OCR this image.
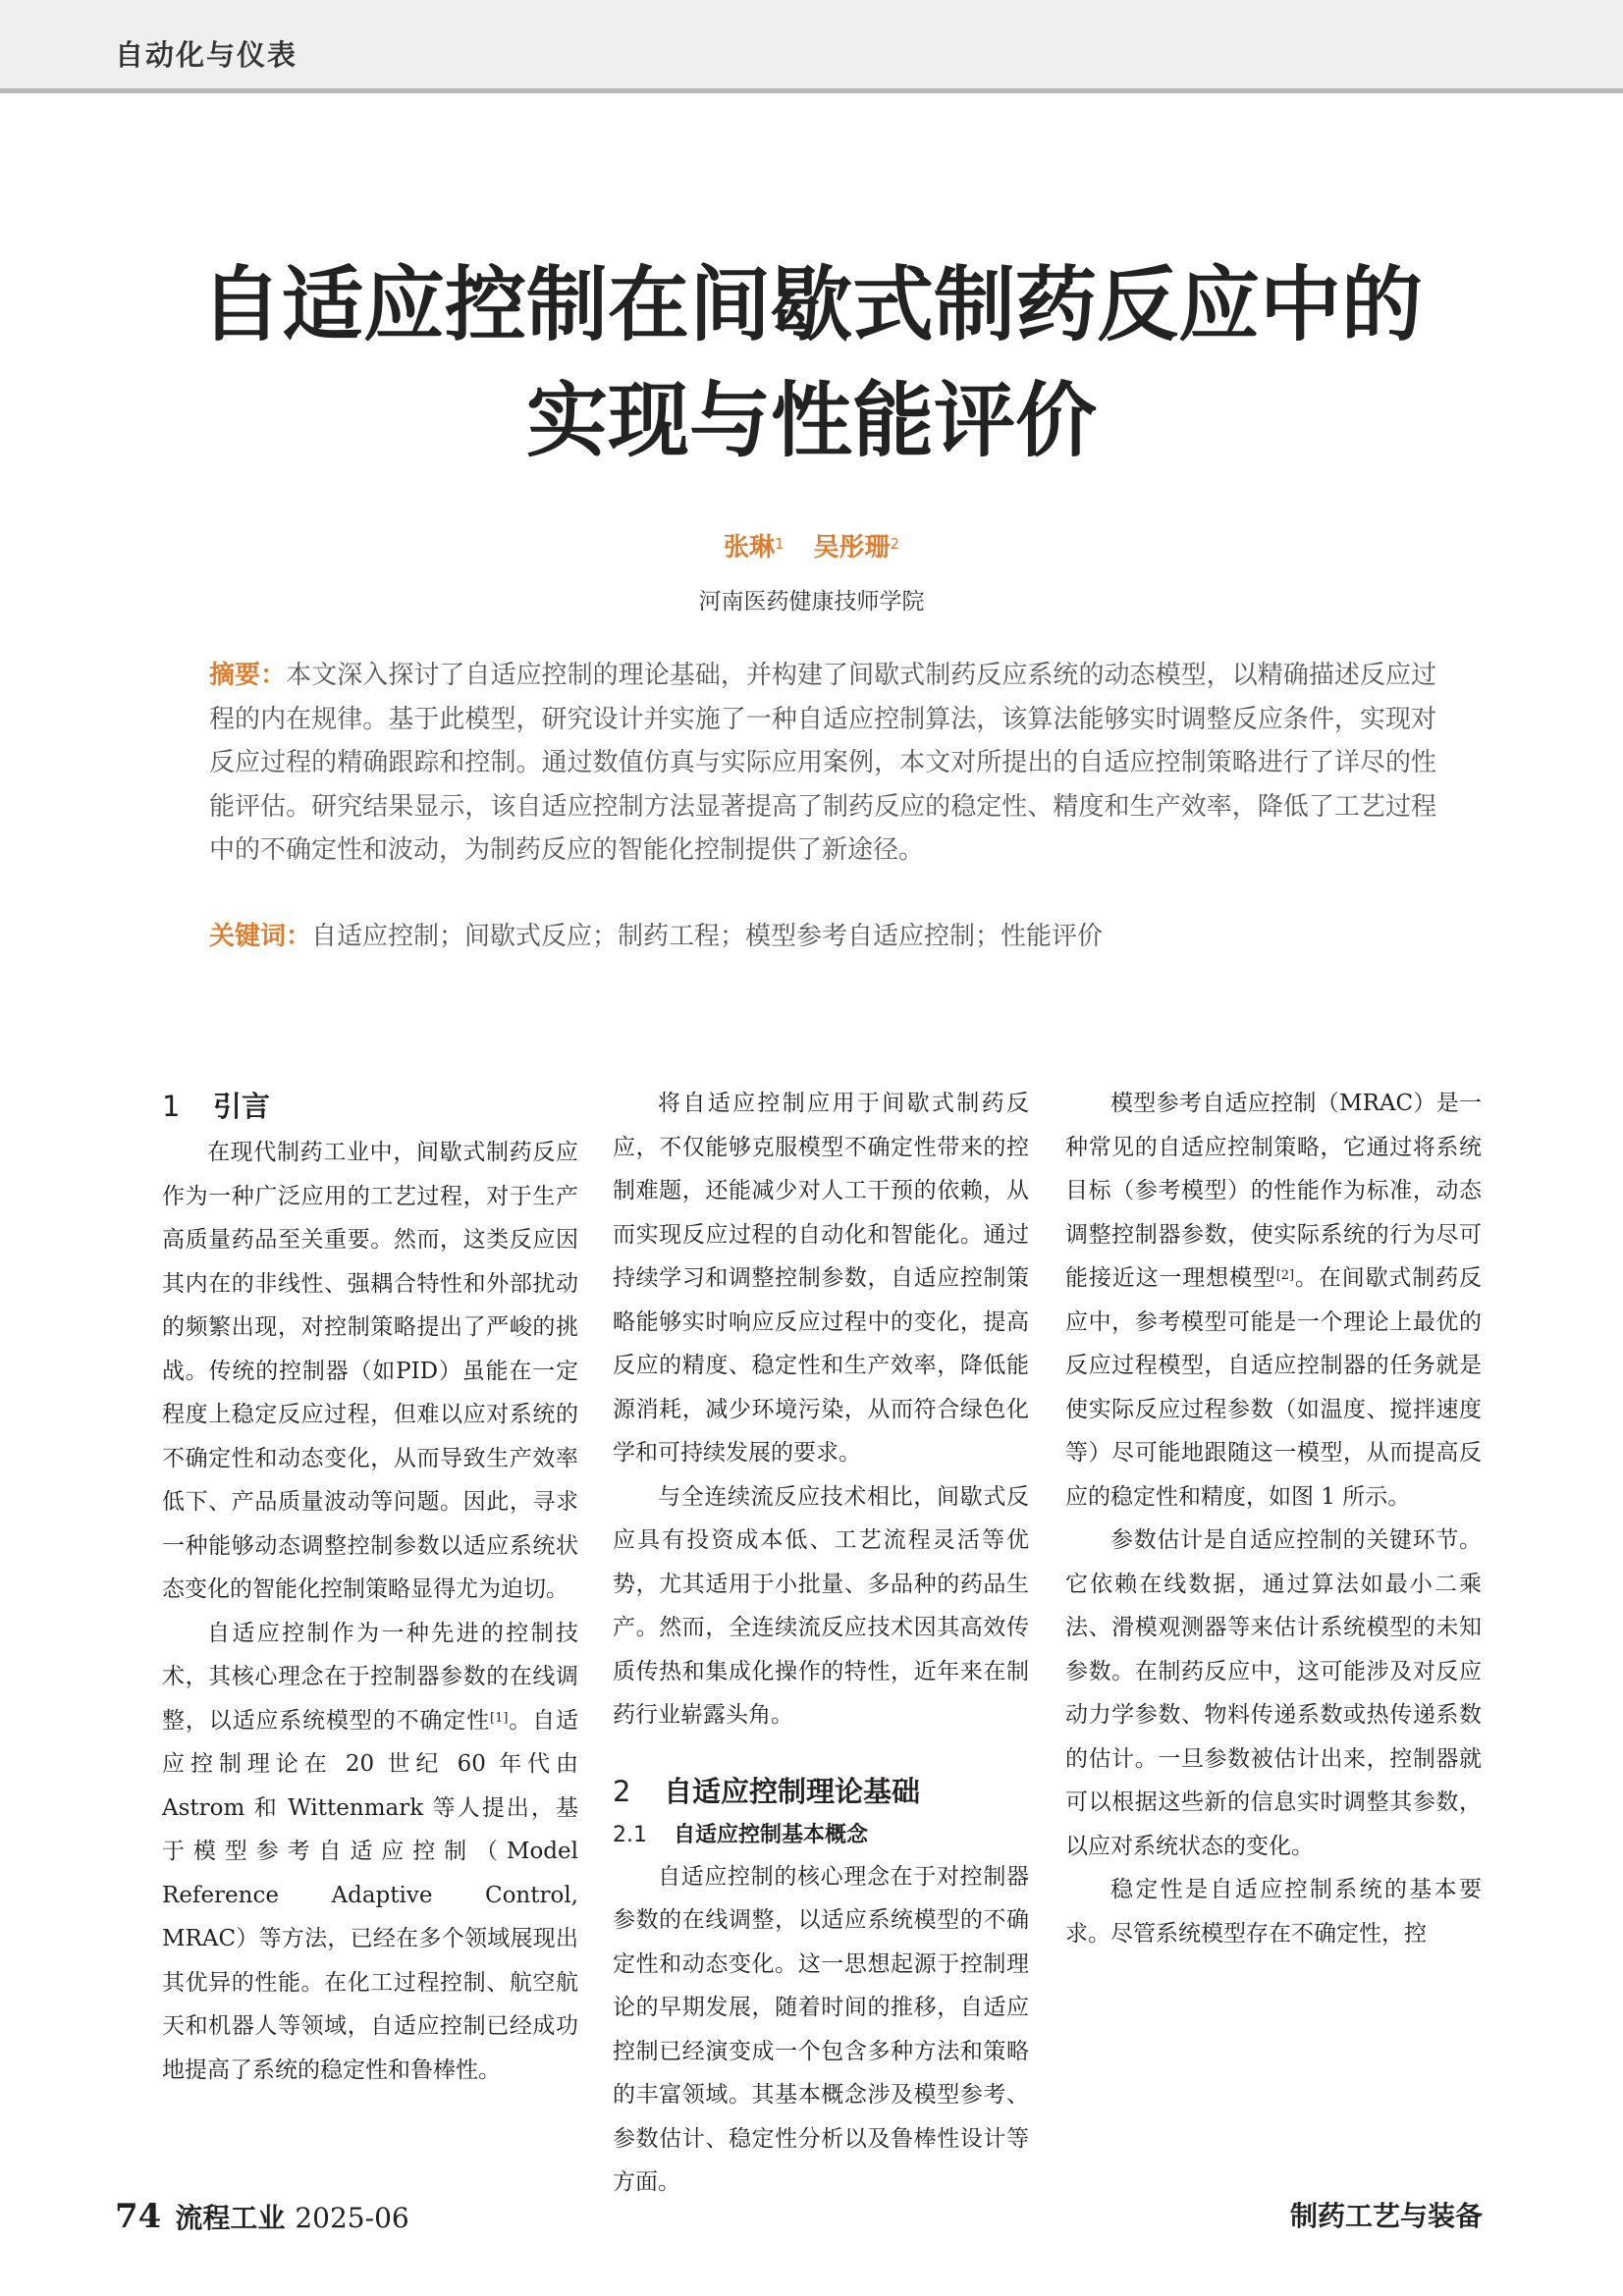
自动化与仪表
自适应控制在间歇式制药反应中的
实现与性能评价
张琳$^1$ 吴彤珊$^2$
河南医药健康技师学院
摘要：本文深入探讨了自适应控制的理论基础，并构建了间歇式制药反应系统的动态模型，以精确描述反应过程的内在规律。基于此模型，研究设计并实施了一种自适应控制算法，该算法能够实时调整反应条件，实现对反应过程的精确跟踪和控制。通过数值仿真与实际应用案例，本文对所提出的自适应控制策略进行了详尽的性能评估。研究结果显示，该自适应控制方法显著提高了制药反应的稳定性、精度和生产效率，降低了工艺过程中的不确定性和波动，为制药反应的智能化控制提供了新途径。
关键词：自适应控制；间歇式反应；制药工程；模型参考自适应控制；性能评价
1 引言

在现代制药工业中，间歇式制药反应作为一种广泛应用的工艺过程，对于生产高质量药品至关重要。然而，这类反应因其内在的非线性、强耦合特性和外部扰动的频繁出现，对控制策略提出了严峻的挑战。传统的控制器（如PID）虽能在一定程度上稳定反应过程，但难以应对系统的不确定性和动态变化，从而导致生产效率低下、产品质量波动等问题。因此，寻求一种能够动态调整控制参数以适应系统状态变化的智能化控制策略显得尤为迫切。

自适应控制作为一种先进的控制技术，其核心理念在于控制器参数的在线调整，以适应系统模型的不确定性[1]。自适应控制理论在 20 世纪 60 年代由 Astrom 和 Wittenmark 等人提出，基于模型参考自适应控制（Model Reference Adaptive Control, MRAC）等方法，已经在多个领域展现出其优异的性能。在化工过程控制、航空航天和机器人等领域，自适应控制已经成功地提高了系统的稳定性和鲁棒性。

将自适应控制应用于间歇式制药反应，不仅能够克服模型不确定性带来的控制难题，还能减少对人工干预的依赖，从而实现反应过程的自动化和智能化。通过持续学习和调整控制参数，自适应控制策略能够实时响应反应过程中的变化，提高反应的精度、稳定性和生产效率，降低能源消耗，减少环境污染，从而符合绿色化学和可持续发展的要求。

与全连续流反应技术相比，间歇式反应具有投资成本低、工艺流程灵活等优势，尤其适用于小批量、多品种的药品生产。然而，全连续流反应技术因其高效传质传热和集成化操作的特性，近年来在制药行业崭露头角。

2 自适应控制理论基础
2.1 自适应控制基本概念

自适应控制的核心理念在于对控制器参数的在线调整，以适应系统模型的不确定性和动态变化。这一思想起源于控制理论的早期发展，随着时间的推移，自适应控制已经演变成一个包含多种方法和策略的丰富领域。其基本概念涉及模型参考、参数估计、稳定性分析以及鲁棒性设计等方面。

模型参考自适应控制（MRAC）是一种常见的自适应控制策略，它通过将系统目标（参考模型）的性能作为标准，动态调整控制器参数，使实际系统的行为尽可能接近这一理想模型[2]。在间歇式制药反应中，参考模型可能是一个理论上最优的反应过程模型，自适应控制器的任务就是使实际反应过程参数（如温度、搅拌速度等）尽可能地跟随这一模型，从而提高反应的稳定性和精度，如图 1 所示。

参数估计是自适应控制的关键环节。它依赖在线数据，通过算法如最小二乘法、滑模观测器等来估计系统模型的未知参数。在制药反应中，这可能涉及对反应动力学参数、物料传递系数或热传递系数的估计。一旦参数被估计出来，控制器就可以根据这些新的信息实时调整其参数，以应对系统状态的变化。

稳定性是自适应控制系统的基本要求。尽管系统模型存在不确定性，控

74 流程工业 2025-06	制药工艺与装备
